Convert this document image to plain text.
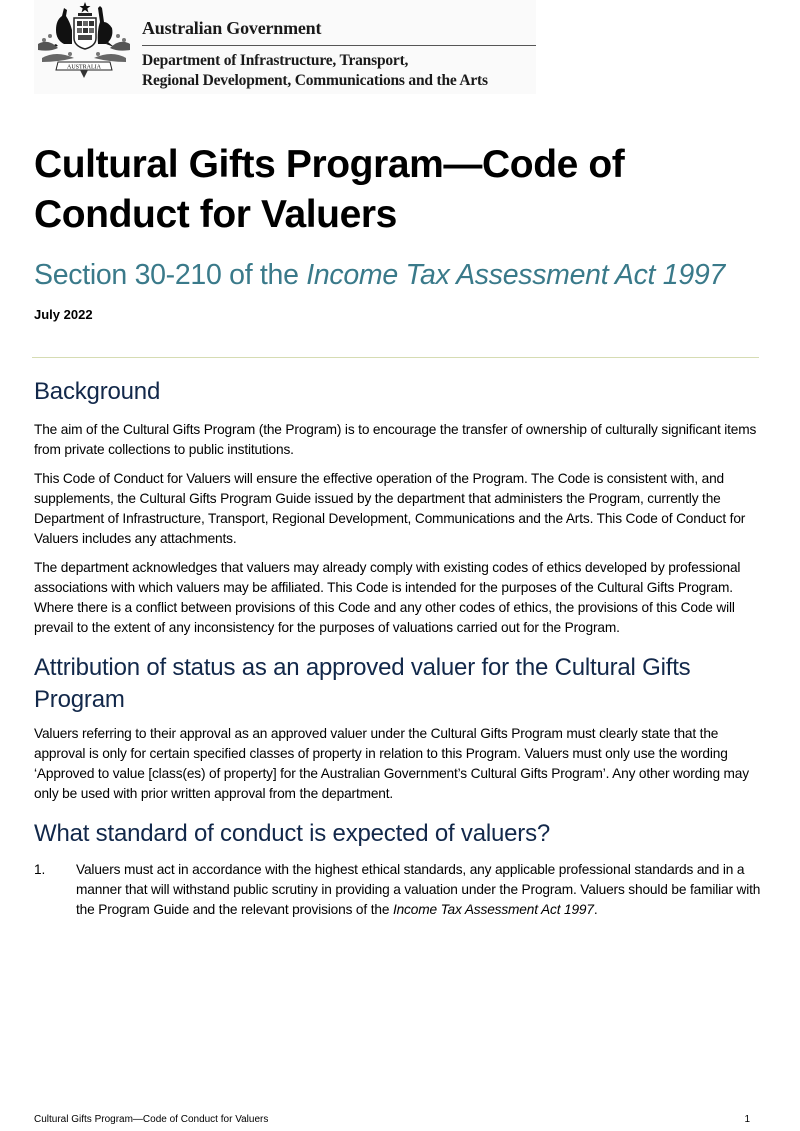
AUSTRALIA
Australian Government
Department of Infrastructure, Transport,
Regional Development, Communications and the Arts
Cultural Gifts Program—Code of Conduct for Valuers
Section 30-210 of the Income Tax Assessment Act 1997
July 2022
Background

The aim of the Cultural Gifts Program (the Program) is to encourage the transfer of ownership of culturally significant items from private collections to public institutions.

This Code of Conduct for Valuers will ensure the effective operation of the Program. The Code is consistent with, and supplements, the Cultural Gifts Program Guide issued by the department that administers the Program, currently the Department of Infrastructure, Transport, Regional Development, Communications and the Arts. This Code of Conduct for Valuers includes any attachments.

The department acknowledges that valuers may already comply with existing codes of ethics developed by professional associations with which valuers may be affiliated. This Code is intended for the purposes of the Cultural Gifts Program. Where there is a conflict between provisions of this Code and any other codes of ethics, the provisions of this Code will prevail to the extent of any inconsistency for the purposes of valuations carried out for the Program.

Attribution of status as an approved valuer for the Cultural Gifts Program

Valuers referring to their approval as an approved valuer under the Cultural Gifts Program must clearly state that the approval is only for certain specified classes of property in relation to this Program. Valuers must only use the wording ‘Approved to value [class(es) of property] for the Australian Government’s Cultural Gifts Program’. Any other wording may only be used with prior written approval from the department.

What standard of conduct is expected of valuers?
1.	Valuers must act in accordance with the highest ethical standards, any applicable professional standards and in a manner that will withstand public scrutiny in providing a valuation under the Program. Valuers should be familiar with the Program Guide and the relevant provisions of the Income Tax Assessment Act 1997.
Cultural Gifts Program—Code of Conduct for Valuers	1
